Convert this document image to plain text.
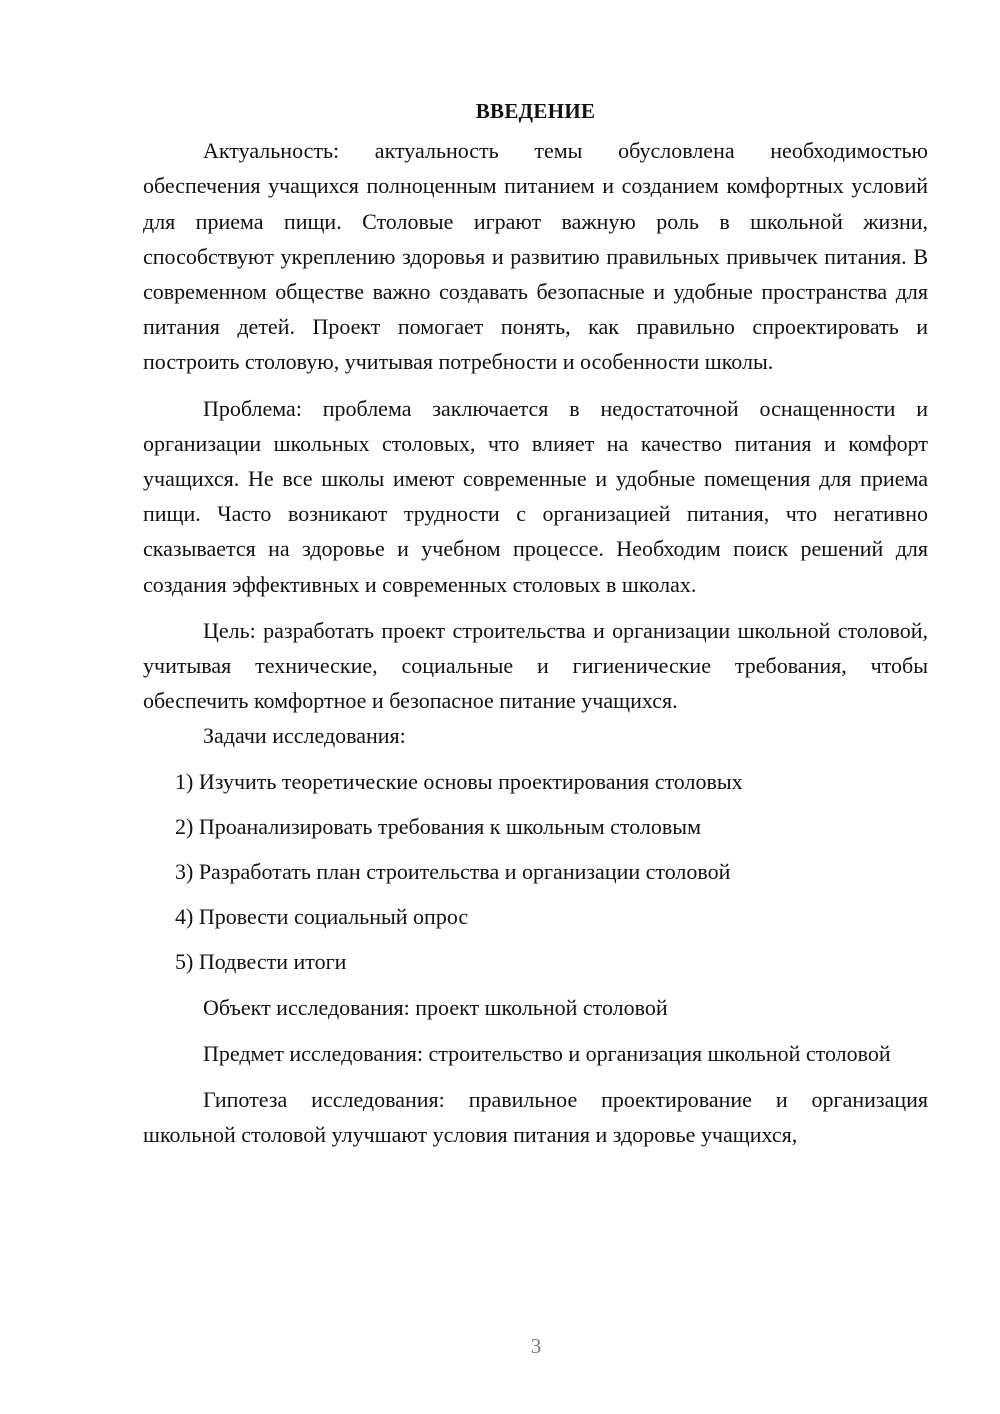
ВВЕДЕНИЕ

Актуальность: актуальность темы обусловлена необходимостью обеспечения учащихся полноценным питанием и созданием комфортных условий для приема пищи. Столовые играют важную роль в школьной жизни, способствуют укреплению здоровья и развитию правильных привычек питания. В современном обществе важно создавать безопасные и удобные пространства для питания детей. Проект помогает понять, как правильно спроектировать и построить столовую, учитывая потребности и особенности школы.

Проблема: проблема заключается в недостаточной оснащенности и организации школьных столовых, что влияет на качество питания и комфорт учащихся. Не все школы имеют современные и удобные помещения для приема пищи. Часто возникают трудности с организацией питания, что негативно сказывается на здоровье и учебном процессе. Необходим поиск решений для создания эффективных и современных столовых в школах.

Цель: разработать проект строительства и организации школьной столовой, учитывая технические, социальные и гигиенические требования, чтобы обеспечить комфортное и безопасное питание учащихся.

Задачи исследования:

1) Изучить теоретические основы проектирования столовых
2) Проанализировать требования к школьным столовым
3) Разработать план строительства и организации столовой
4) Провести социальный опрос
5) Подвести итоги

Объект исследования: проект школьной столовой

Предмет исследования: строительство и организация школьной столовой

Гипотеза исследования: правильное проектирование и организация школьной столовой улучшают условия питания и здоровье учащихся,

3
